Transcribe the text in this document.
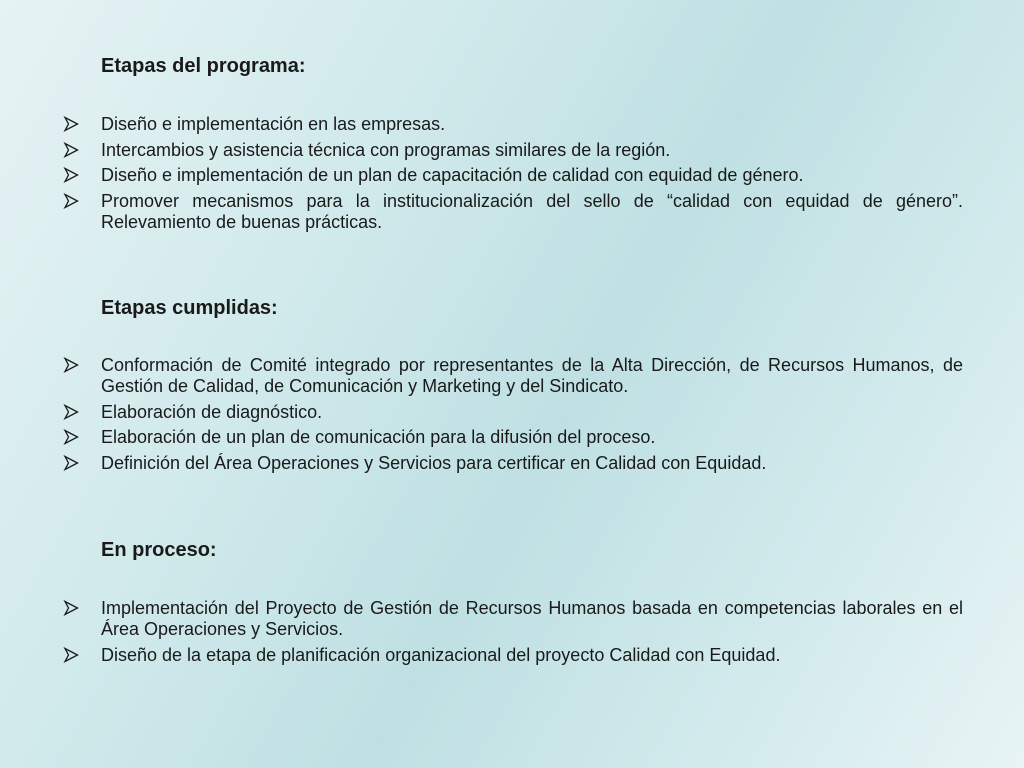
Etapas del programa:
Diseño e implementación en las empresas.
Intercambios y asistencia técnica con programas similares de la región.
Diseño e implementación de un plan de capacitación de calidad con equidad de género.
Promover mecanismos para la institucionalización del sello de “calidad con equidad de género”. Relevamiento de buenas prácticas.
Etapas cumplidas:
Conformación de Comité integrado por representantes de la Alta Dirección, de Recursos Humanos, de Gestión de Calidad, de Comunicación y Marketing y del Sindicato.
Elaboración de diagnóstico.
Elaboración de un plan de comunicación para la difusión del proceso.
Definición del Área Operaciones y Servicios para certificar en Calidad con Equidad.
En proceso:
Implementación del Proyecto de Gestión de Recursos Humanos basada en competencias laborales en el Área Operaciones y Servicios.
Diseño de la etapa de planificación organizacional del proyecto Calidad con Equidad.
